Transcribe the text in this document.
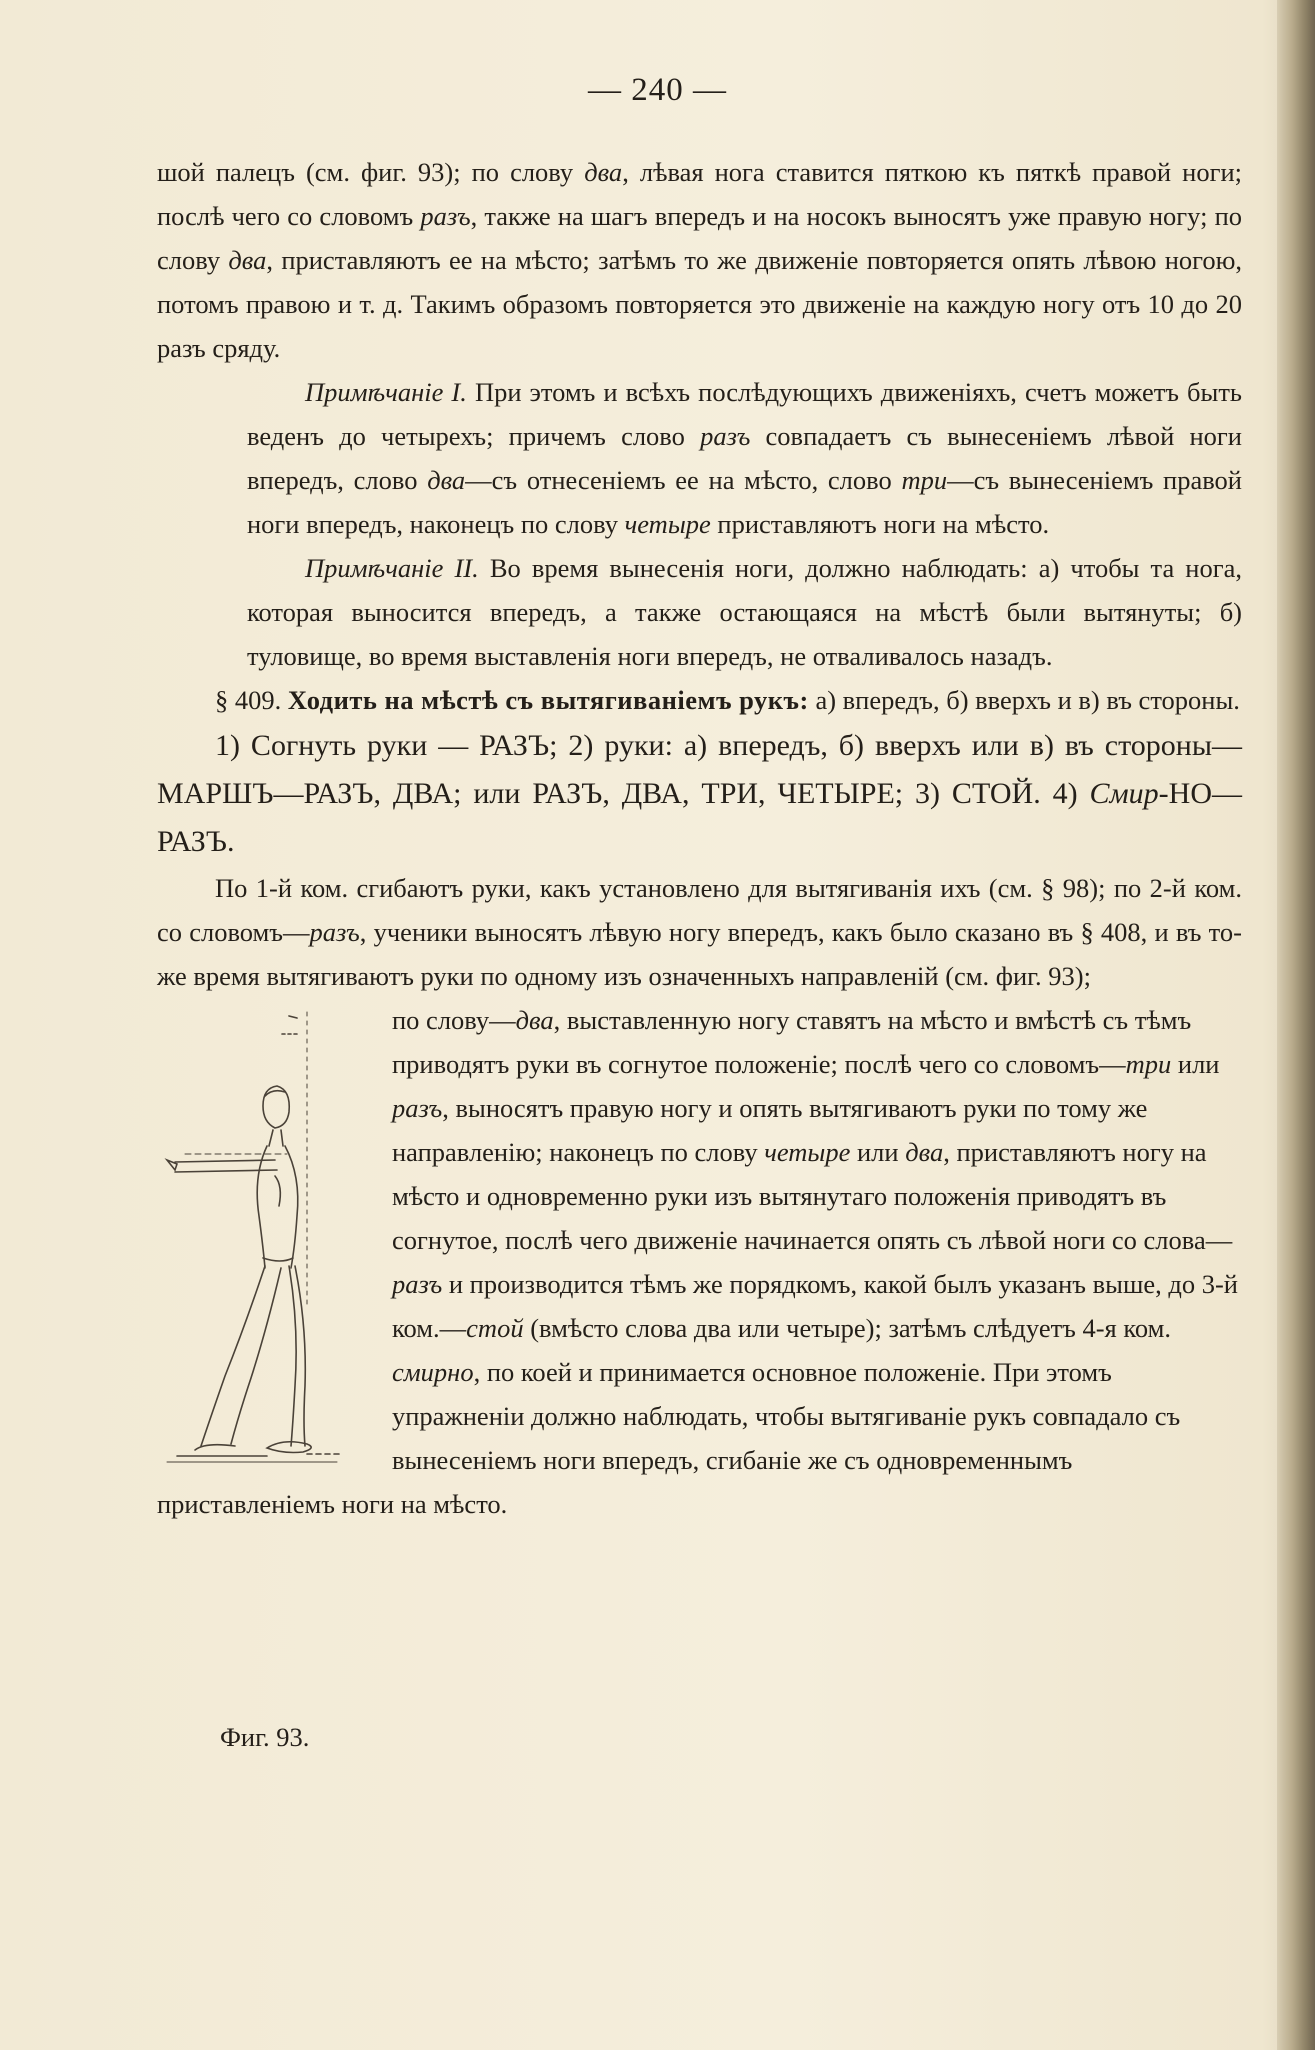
— 240 —

шой палецъ (см. фиг. 93); по слову два, лѣвая нога ставится пяткою къ пяткѣ правой ноги; послѣ чего со словомъ разъ, также на шагъ впередъ и на носокъ выносятъ уже правую ногу; по слову два, приставляютъ ее на мѣсто; затѣмъ то же движеніе повторяется опять лѣвою ногою, потомъ правою и т. д. Такимъ образомъ повторяется это движеніе на каждую ногу отъ 10 до 20 разъ сряду.

Примѣчаніе I. При этомъ и всѣхъ послѣдующихъ движеніяхъ, счетъ можетъ быть веденъ до четырехъ; причемъ слово разъ совпадаетъ съ вынесеніемъ лѣвой ноги впередъ, слово два—съ отнесеніемъ ее на мѣсто, слово три—съ вынесеніемъ правой ноги впередъ, наконецъ по слову четыре приставляютъ ноги на мѣсто.

Примѣчаніе II. Во время вынесенія ноги, должно наблюдать: а) чтобы та нога, которая выносится впередъ, а также остающаяся на мѣстѣ были вытянуты; б) туловище, во время выставленія ноги впередъ, не отваливалось назадъ.

§ 409. Ходить на мѣстѣ съ вытягиваніемъ рукъ: а) впередъ, б) вверхъ и в) въ стороны.

1) Согнуть руки — РАЗЪ; 2) руки: а) впередъ, б) вверхъ или в) въ стороны—МАРШЪ—РАЗЪ, ДВА; или РАЗЪ, ДВА, ТРИ, ЧЕТЫРЕ; 3) СТОЙ. 4) Смир-НО—РАЗЪ.

По 1-й ком. сгибаютъ руки, какъ установлено для вытягиванія ихъ (см. § 98); по 2-й ком. со словомъ—разъ, ученики выносятъ лѣвую ногу впередъ, какъ было сказано въ § 408, и въ то-же время вытягиваютъ руки по одному изъ означенныхъ направленій (см. фиг. 93);

по слову—два, выставленную ногу ставятъ на мѣсто и вмѣстѣ съ тѣмъ приводятъ руки въ согнутое положеніе; послѣ чего со словомъ—три или разъ, выносятъ правую ногу и опять вытягиваютъ руки по тому же направленію; наконецъ по слову четыре или два, приставляютъ ногу на мѣсто и одновременно руки изъ вытянутаго положенія приводятъ въ согнутое, послѣ чего движеніе начинается опять съ лѣвой ноги со слова—разъ и производится тѣмъ же порядкомъ, какой былъ указанъ выше, до 3-й ком.—стой (вмѣсто слова два или четыре); затѣмъ слѣдуетъ 4-я ком. смирно, по коей и принимается основное положеніе. При этомъ упражненіи должно наблюдать, чтобы вытягиваніе рукъ совпадало съ вынесеніемъ ноги впередъ, сгибаніе же съ одновременнымъ приставленіемъ ноги на мѣсто.

Фиг. 93.
